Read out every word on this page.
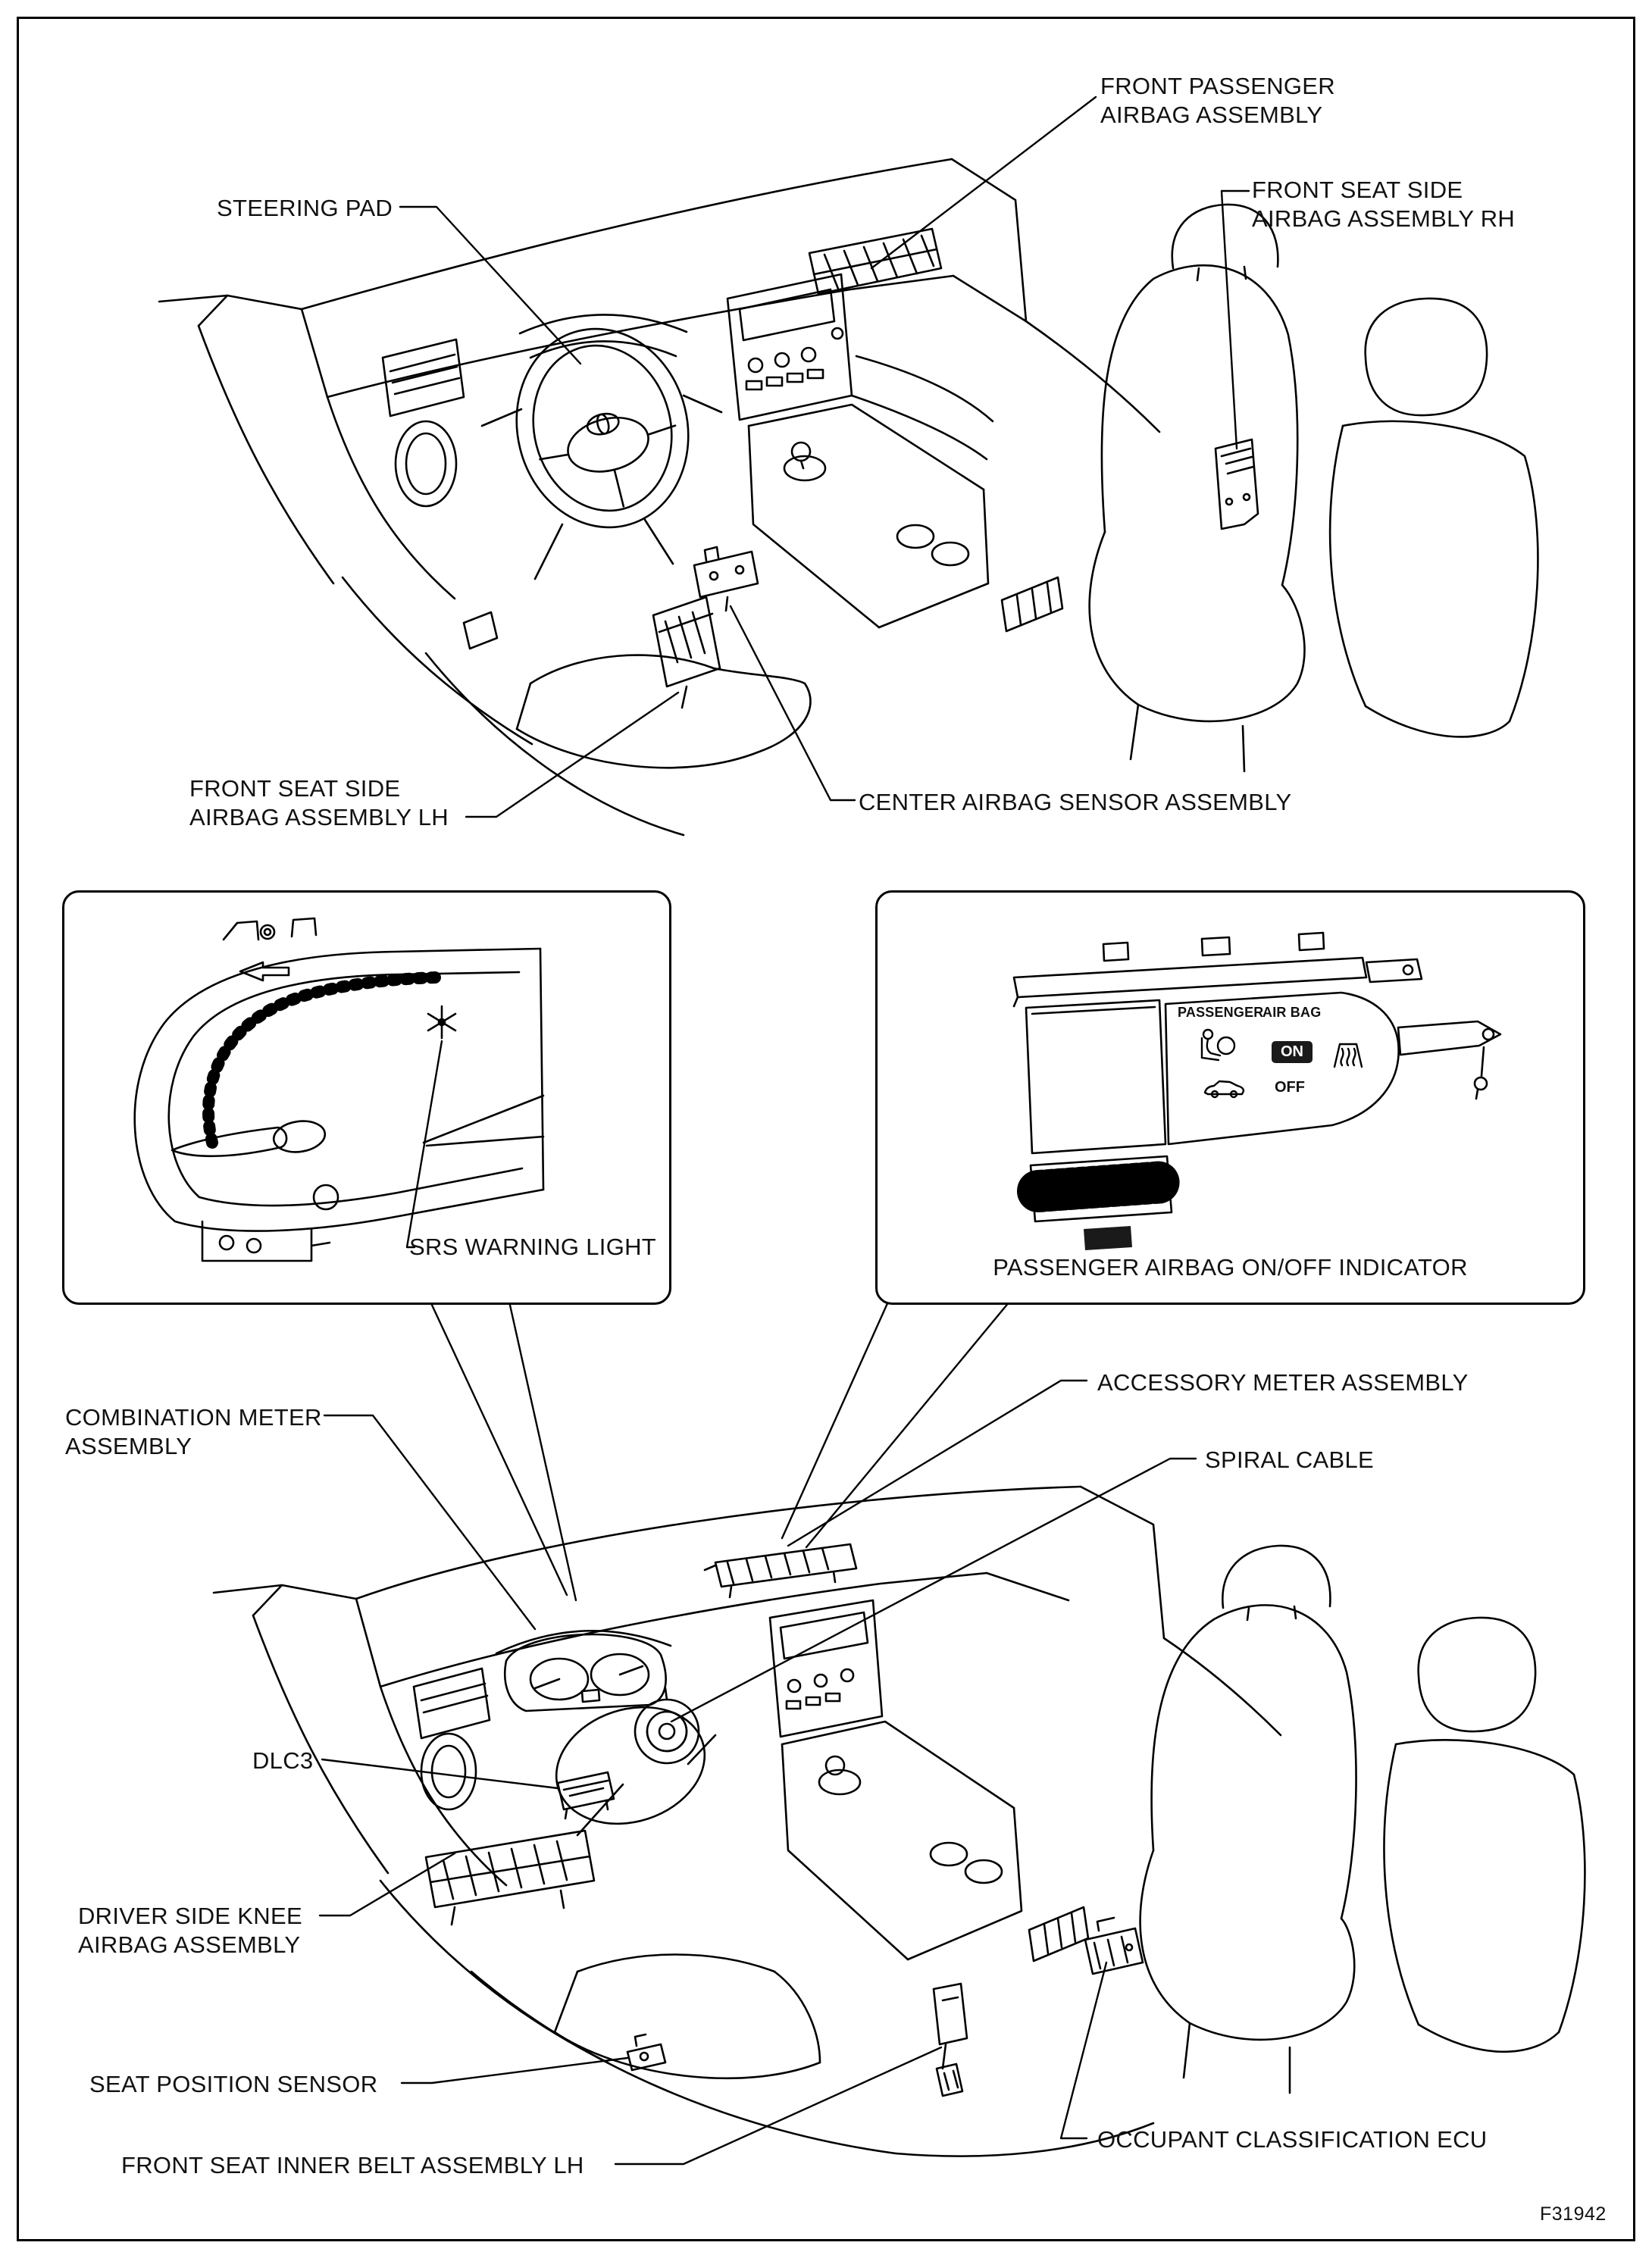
FRONT PASSENGER
AIRBAG ASSEMBLY
STEERING PAD
FRONT SEAT SIDE
AIRBAG ASSEMBLY RH
FRONT SEAT SIDE
AIRBAG ASSEMBLY LH
CENTER AIRBAG SENSOR ASSEMBLY
SRS WARNING LIGHT
PASSENGER
AIR BAG
ON
OFF
PASSENGER AIRBAG ON/OFF INDICATOR
ACCESSORY METER ASSEMBLY
COMBINATION METER
ASSEMBLY
SPIRAL CABLE
DLC3
DRIVER SIDE KNEE
AIRBAG ASSEMBLY
SEAT POSITION SENSOR
FRONT SEAT INNER BELT ASSEMBLY LH
OCCUPANT CLASSIFICATION ECU
F31942
